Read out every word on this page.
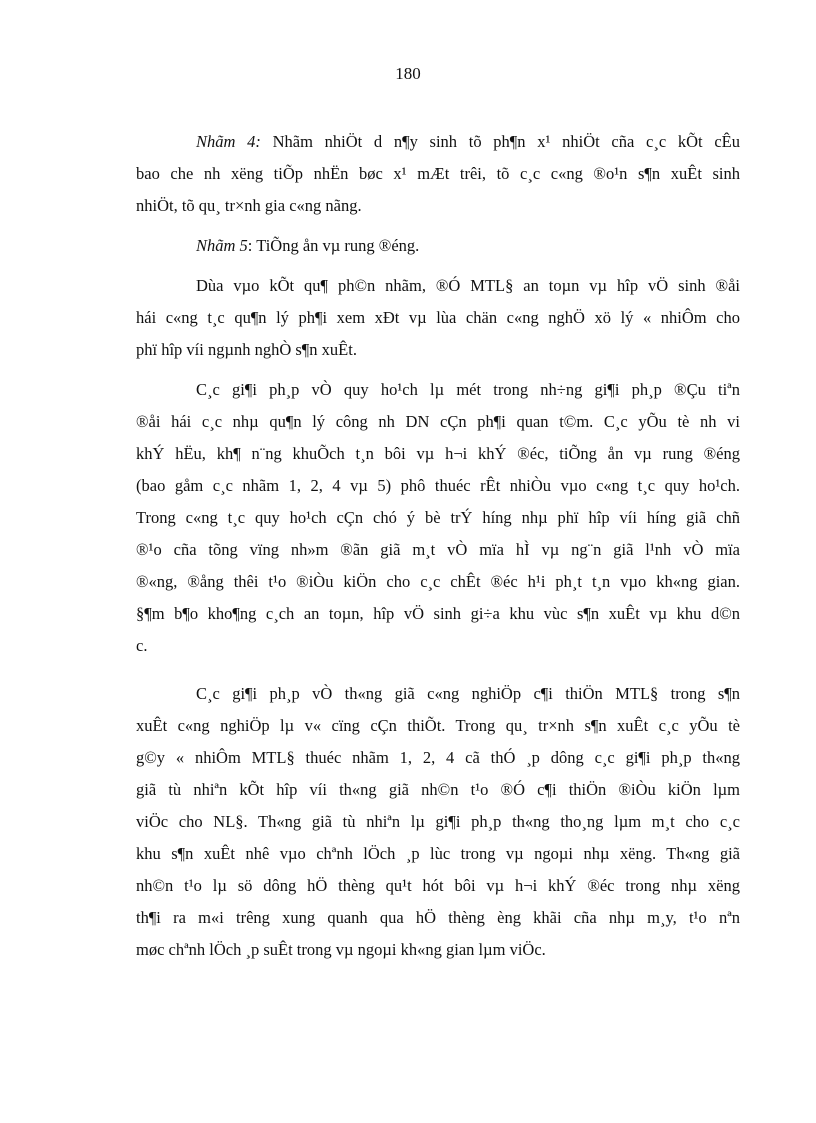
180
Nhãm 4: Nhãm nhiÖt d n¶y sinh tõ ph¶n x¹ nhiÖt cña c¸c kÕt cÊu
bao che nh xëng tiÕp nhËn bøc x¹ mÆt trêi, tõ c¸c c«ng ®o¹n s¶n xuÊt sinh
nhiÖt, tõ qu¸ tr×nh gia c«ng nãng.
Nhãm 5: TiÕng ån vµ rung ®éng.
Dùa vµo kÕt qu¶ ph©n nhãm, ®Ó MTL§ an toµn vµ hîp vÖ sinh ®åi
hái c«ng t¸c qu¶n lý ph¶i xem xÐt vµ lùa chän c«ng nghÖ xö lý « nhiÔm cho
phï hîp víi ngµnh nghÒ s¶n xuÊt.
C¸c gi¶i ph¸p vÒ quy ho¹ch lµ mét trong nh÷ng gi¶i ph¸p ®Çu tiªn
®åi hái c¸c nhµ qu¶n lý công nh DN cÇn ph¶i quan t©m. C¸c yÕu tè nh vi
khÝ hËu, kh¶ n¨ng khuÕch t¸n bôi vµ h¬i khÝ ®éc, tiÕng ån vµ rung ®éng
(bao gåm c¸c nhãm 1, 2, 4 vµ 5) phô thuéc rÊt nhiÒu vµo c«ng t¸c quy ho¹ch.
Trong c«ng t¸c quy ho¹ch cÇn chó ý bè trÝ híng nhµ phï hîp víi híng giã chñ
®¹o cña tõng vïng nh»m ®ãn giã m¸t vÒ mïa hÌ vµ ng¨n giã l¹nh vÒ mïa
®«ng, ®ång thêi t¹o ®iÒu kiÖn cho c¸c chÊt ®éc h¹i ph¸t t¸n vµo kh«ng gian.
§¶m b¶o kho¶ng c¸ch an toµn, hîp vÖ sinh gi÷a khu vùc s¶n xuÊt vµ khu d©n
c.
C¸c gi¶i ph¸p vÒ th«ng giã c«ng nghiÖp c¶i thiÖn MTL§ trong s¶n
xuÊt c«ng nghiÖp lµ v« cïng cÇn thiÕt. Trong qu¸ tr×nh s¶n xuÊt c¸c yÕu tè
g©y « nhiÔm MTL§ thuéc nhãm 1, 2, 4 cã thÓ ¸p dông c¸c gi¶i ph¸p th«ng
giã tù nhiªn kÕt hîp víi th«ng giã nh©n t¹o ®Ó c¶i thiÖn ®iÒu kiÖn lµm
viÖc cho NL§. Th«ng giã tù nhiªn lµ gi¶i ph¸p th«ng tho¸ng lµm m¸t cho c¸c
khu s¶n xuÊt nhê vµo chªnh lÖch ¸p lùc trong vµ ngoµi nhµ xëng. Th«ng giã
nh©n t¹o lµ sö dông hÖ thèng qu¹t hót bôi vµ h¬i khÝ ®éc trong nhµ xëng
th¶i ra m«i trêng xung quanh qua hÖ thèng èng khãi cña nhµ m¸y, t¹o nªn
møc chªnh lÖch ¸p suÊt trong vµ ngoµi kh«ng gian lµm viÖc.
